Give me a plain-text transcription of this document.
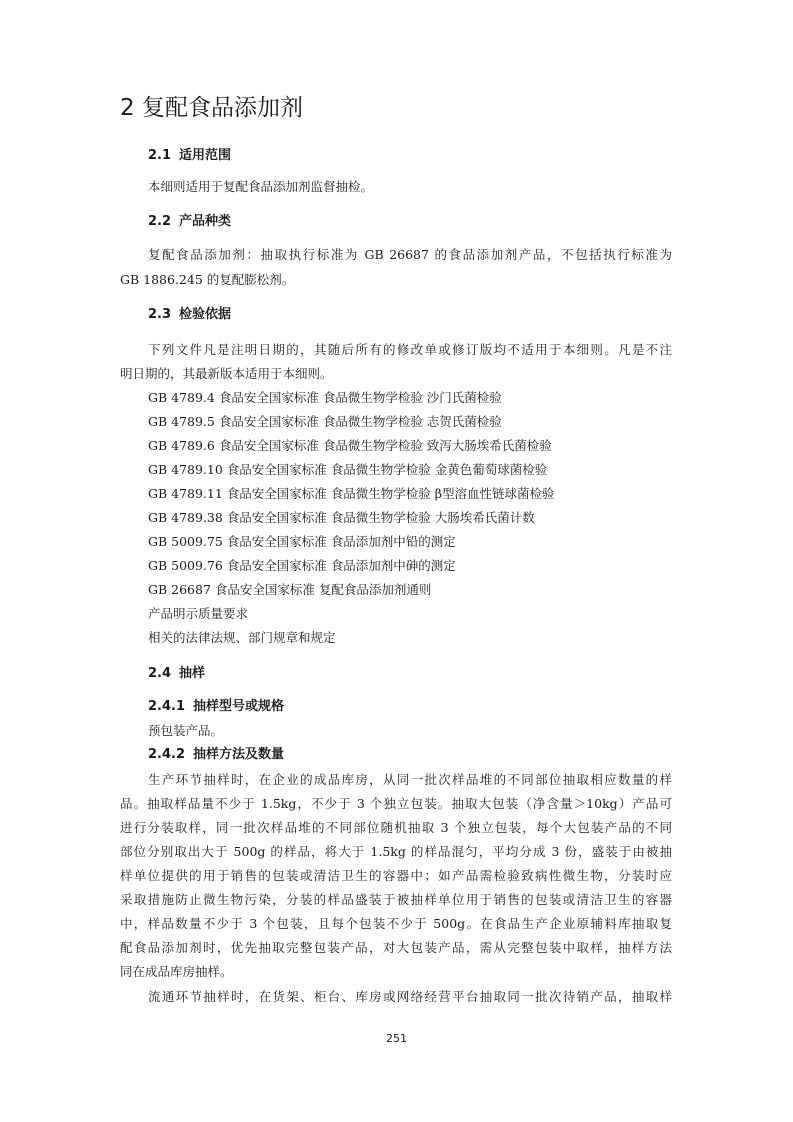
2 复配食品添加剂
2.1 适用范围
本细则适用于复配食品添加剂监督抽检。
2.2 产品种类
复配食品添加剂：抽取执行标准为 GB 26687 的食品添加剂产品，不包括执行标准为
GB 1886.245 的复配膨松剂。
2.3 检验依据
下列文件凡是注明日期的，其随后所有的修改单或修订版均不适用于本细则。凡是不注
明日期的，其最新版本适用于本细则。
GB 4789.4 食品安全国家标准 食品微生物学检验 沙门氏菌检验
GB 4789.5 食品安全国家标准 食品微生物学检验 志贺氏菌检验
GB 4789.6 食品安全国家标准 食品微生物学检验 致泻大肠埃希氏菌检验
GB 4789.10 食品安全国家标准 食品微生物学检验 金黄色葡萄球菌检验
GB 4789.11 食品安全国家标准 食品微生物学检验 β型溶血性链球菌检验
GB 4789.38 食品安全国家标准 食品微生物学检验 大肠埃希氏菌计数
GB 5009.75 食品安全国家标准 食品添加剂中铅的测定
GB 5009.76 食品安全国家标准 食品添加剂中砷的测定
GB 26687 食品安全国家标准 复配食品添加剂通则
产品明示质量要求
相关的法律法规、部门规章和规定
2.4 抽样
2.4.1 抽样型号或规格
预包装产品。
2.4.2 抽样方法及数量
生产环节抽样时，在企业的成品库房，从同一批次样品堆的不同部位抽取相应数量的样
品。抽取样品量不少于 1.5kg，不少于 3 个独立包装。抽取大包装（净含量＞10kg）产品可
进行分装取样，同一批次样品堆的不同部位随机抽取 3 个独立包装，每个大包装产品的不同
部位分别取出大于 500g 的样品，将大于 1.5kg 的样品混匀，平均分成 3 份，盛装于由被抽
样单位提供的用于销售的包装或清洁卫生的容器中；如产品需检验致病性微生物，分装时应
采取措施防止微生物污染，分装的样品盛装于被抽样单位用于销售的包装或清洁卫生的容器
中，样品数量不少于 3 个包装，且每个包装不少于 500g。在食品生产企业原辅料库抽取复
配食品添加剂时，优先抽取完整包装产品，对大包装产品，需从完整包装中取样，抽样方法
同在成品库房抽样。
流通环节抽样时，在货架、柜台、库房或网络经营平台抽取同一批次待销产品，抽取样
251
